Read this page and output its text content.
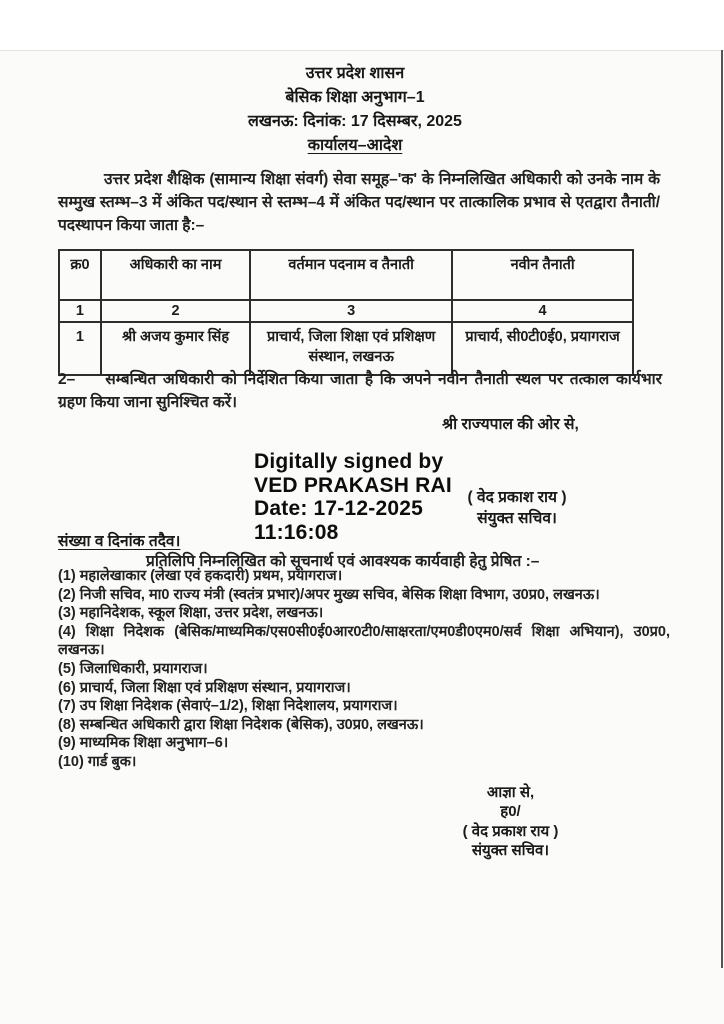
उत्तर प्रदेश शासन
बेसिक शिक्षा अनुभाग–1
लखनऊ: दिनांक: 17 दिसम्बर, 2025
कार्यालय–आदेश
उत्तर प्रदेश शैक्षिक (सामान्य शिक्षा संवर्ग) सेवा समूह–'क' के निम्नलिखित अधिकारी को उनके नाम के सम्मुख स्तम्भ–3 में अंकित पद/स्थान से स्तम्भ–4 में अंकित पद/स्थान पर तात्कालिक प्रभाव से एतद्वारा तैनाती/ पदस्थापन किया जाता है:–
क्र0	अधिकारी का नाम	वर्तमान पदनाम व तैनाती	नवीन तैनाती
1	2	3	4
1	श्री अजय कुमार सिंह	प्राचार्य, जिला शिक्षा एवं प्रशिक्षण संस्थान, लखनऊ	प्राचार्य, सी0टी0ई0, प्रयागराज
2– सम्बन्धित अधिकारी को निर्देशित किया जाता है कि अपने नवीन तैनाती स्थल पर तत्काल कार्यभार ग्रहण किया जाना सुनिश्चित करें।
श्री राज्यपाल की ओर से,
Digitally signed by
VED PRAKASH RAI
Date: 17-12-2025
11:16:08
( वेद प्रकाश राय )
संयुक्त सचिव।
संख्या व दिनांक तदैव।
प्रतिलिपि निम्नलिखित को सूचनार्थ एवं आवश्यक कार्यवाही हेतु प्रेषित :–
(1) महालेखाकार (लेखा एवं हकदारी) प्रथम, प्रयागराज।
(2) निजी सचिव, मा0 राज्य मंत्री (स्वतंत्र प्रभार)/अपर मुख्य सचिव, बेसिक शिक्षा विभाग, उ0प्र0, लखनऊ।
(3) महानिदेशक, स्कूल शिक्षा, उत्तर प्रदेश, लखनऊ।
(4) शिक्षा निदेशक (बेसिक/माध्यमिक/एस0सी0ई0आर0टी0/साक्षरता/एम0डी0एम0/सर्व शिक्षा अभियान), उ0प्र0, लखनऊ।
(5) जिलाधिकारी, प्रयागराज।
(6) प्राचार्य, जिला शिक्षा एवं प्रशिक्षण संस्थान, प्रयागराज।
(7) उप शिक्षा निदेशक (सेवाएं–1/2), शिक्षा निदेशालय, प्रयागराज।
(8) सम्बन्धित अधिकारी द्वारा शिक्षा निदेशक (बेसिक), उ0प्र0, लखनऊ।
(9) माध्यमिक शिक्षा अनुभाग–6।
(10) गार्ड बुक।
आज्ञा से,
ह0/
( वेद प्रकाश राय )
संयुक्त सचिव।
